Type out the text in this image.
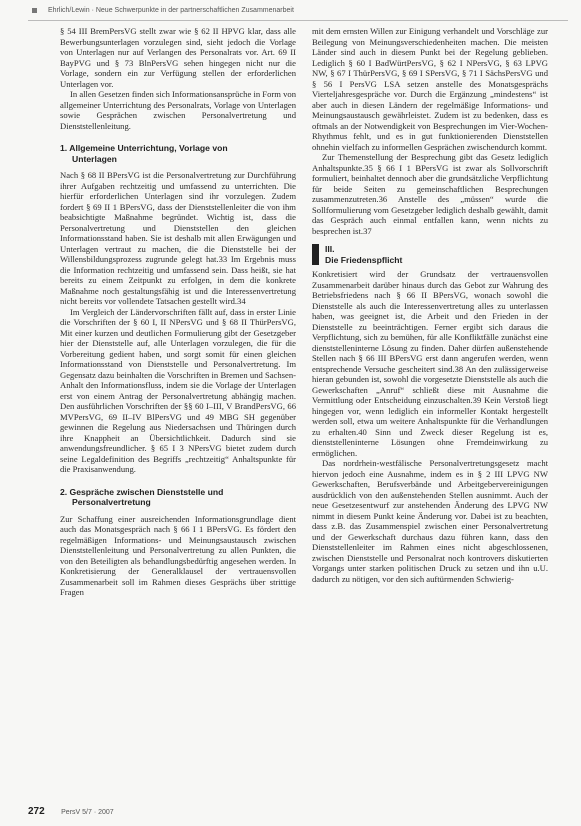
Ehrlich/Lewin · Neue Schwerpunkte in der partnerschaftlichen Zusammenarbeit

§ 54 III BremPersVG stellt zwar wie § 62 II HPVG klar, dass alle Bewerbungsunterlagen vorzulegen sind, sieht jedoch die Vorlage von Unterlagen nur auf Verlangen des Personalrats vor. Art. 69 II BayPVG und § 73 BlnPersVG sehen hingegen nicht nur die Vorlage, sondern ein zur Verfügung stellen der erforderlichen Unterlagen vor.

In allen Gesetzen finden sich Informationsansprüche in Form von allgemeiner Unterrichtung des Personalrats, Vorlage von Unterlagen sowie Gesprächen zwischen Personalvertretung und Dienststellenleitung.

1. Allgemeine Unterrichtung, Vorlage von
Unterlagen

Nach § 68 II BPersVG ist die Personalvertretung zur Durchführung ihrer Aufgaben rechtzeitig und umfassend zu unterrichten. Die hierfür erforderlichen Unterlagen sind ihr vorzulegen. Zudem fordert § 69 II 1 BPersVG, dass der Dienststellenleiter die von ihm beabsichtigte Maßnahme begründet. Wichtig ist, dass die Personalvertretung und Dienststellen den gleichen Informationsstand haben. Sie ist deshalb mit allen Erwägungen und Unterlagen vertraut zu machen, die die Dienststelle bei der Willensbildungsprozess zugrunde gelegt hat.33 Im Ergebnis muss die Information rechtzeitig und umfassend sein. Dass heißt, sie hat bereits zu einem Zeitpunkt zu erfolgen, in dem die konkrete Maßnahme noch gestaltungsfähig ist und die Interessenvertretung nicht bereits vor vollendete Tatsachen gestellt wird.34

Im Vergleich der Ländervorschriften fällt auf, dass in erster Linie die Vorschriften der § 60 I, II NPersVG und § 68 II ThürPersVG, Mit einer kurzen und deutlichen Formulierung gibt der Gesetzgeber hier der Dienststelle auf, alle Unterlagen vorzulegen, die für die Vorbereitung gedient haben, und sorgt somit für einen gleichen Informationsstand von Dienststelle und Personalvertretung. Im Gegensatz dazu beinhalten die Vorschriften in Bremen und Sachsen-Anhalt den Informationsfluss, indem sie die Vorlage der Unterlagen erst von einem Antrag der Personalvertretung abhängig machen. Den ausführlichen Vorschriften der §§ 60 I–III, V BrandPersVG, 66 MVPersVG, 69 II–IV BlPersVG und 49 MBG SH gegenüber gewinnen die Regelung aus Niedersachsen und Thüringen durch ihre Knappheit an Übersichtlichkeit. Dadurch sind sie anwendungsfreundlicher. § 65 I 3 NPersVG bietet zudem durch seine Legaldefinition des Begriffs „rechtzeitig“ Anhaltspunkte für die Praxisanwendung.

2. Gespräche zwischen Dienststelle und
Personalvertretung

Zur Schaffung einer ausreichenden Informationsgrundlage dient auch das Monatsgespräch nach § 66 I 1 BPersVG. Es fördert den regelmäßigen Informations- und Meinungsaustausch zwischen Dienststellenleitung und Personalvertretung zu allen Punkten, die von den Beteiligten als behandlungsbedürftig angesehen werden. In Konkretisierung der Generalklausel der vertrauensvollen Zusammenarbeit soll im Rahmen dieses Gesprächs über strittige Fragen

mit dem ernsten Willen zur Einigung verhandelt und Vorschläge zur Beilegung von Meinungsverschiedenheiten machen. Die meisten Länder sind auch in diesem Punkt bei der Regelung geblieben. Lediglich § 60 I BadWürtPersVG, § 62 I NPersVG, § 63 LPVG NW, § 67 I ThürPersVG, § 69 I SPersVG, § 71 I SächsPersVG und § 56 I PersVG LSA setzen anstelle des Monatsgesprächs Vierteljahresgespräche vor. Durch die Ergänzung „mindestens“ ist aber auch in diesen Ländern der regelmäßige Informations- und Meinungsaustausch gewährleistet. Zudem ist zu bedenken, dass es oftmals an der Notwendigkeit von Besprechungen im Vier-Wochen-Rhythmus fehlt, und es in gut funktionierenden Dienststellen ohnehin vielfach zu informellen Gesprächen zwischendurch kommt.

Zur Themenstellung der Besprechung gibt das Gesetz lediglich Anhaltspunkte.35 § 66 I 1 BPersVG ist zwar als Sollvorschrift formuliert, beinhaltet dennoch aber die grundsätzliche Verpflichtung für beide Seiten zu gemeinschaftlichen Besprechungen zusammenzutreten.36 Anstelle des „müssen“ wurde die Sollformulierung vom Gesetzgeber lediglich deshalb gewählt, damit das Gespräch auch einmal entfallen kann, wenn nichts zu besprechen ist.37

III.
Die Friedenspflicht

Konkretisiert wird der Grundsatz der vertrauensvollen Zusammenarbeit darüber hinaus durch das Gebot zur Wahrung des Betriebsfriedens nach § 66 II BPersVG, wonach sowohl die Dienststelle als auch die Interessenvertretung alles zu unterlassen haben, was geeignet ist, die Arbeit und den Frieden in der Dienststelle zu beeinträchtigen. Ferner ergibt sich daraus die Verpflichtung, sich zu bemühen, für alle Konfliktfälle zunächst eine dienststelleninterne Lösung zu finden. Daher dürfen außenstehende Stellen nach § 66 III BPersVG erst dann angerufen werden, wenn entsprechende Versuche gescheitert sind.38 An den zulässigerweise hieran gebunden ist, sowohl die vorgesetzte Dienststelle als auch die Gewerkschaften „Anruf“ schließt diese mit Ausnahme die Vermittlung oder Entscheidung einzuschalten.39 Kein Verstoß liegt hingegen vor, wenn lediglich ein informeller Kontakt hergestellt werden soll, etwa um weitere Anhaltspunkte für die Verhandlungen zu erhalten.40 Sinn und Zweck dieser Regelung ist es, dienststelleninterne Lösungen ohne Fremdeinwirkung zu ermöglichen.

Das nordrhein-westfälische Personalvertretungsgesetz macht hiervon jedoch eine Ausnahme, indem es in § 2 III LPVG NW Gewerkschaften, Berufsverbände und Arbeitgebervereinigungen ausdrücklich von den außenstehenden Stellen ausnimmt. Auch der neue Gesetzesentwurf zur anstehenden Änderung des LPVG NW nimmt in diesem Punkt keine Änderung vor. Dabei ist zu beachten, dass z.B. das Zusammenspiel zwischen einer Personalvertretung und der Gewerkschaft durchaus dazu führen kann, dass den Dienststellenleiter im Rahmen eines nicht abgeschlossenen, zwischen Dienststelle und Personalrat noch kontrovers diskutierten Vorgangs unter starken politischen Druck zu setzen und ihn u.U. dadurch zu nötigen, vor den sich auftürmenden Schwierig-

272 PersV 5/7 · 2007
